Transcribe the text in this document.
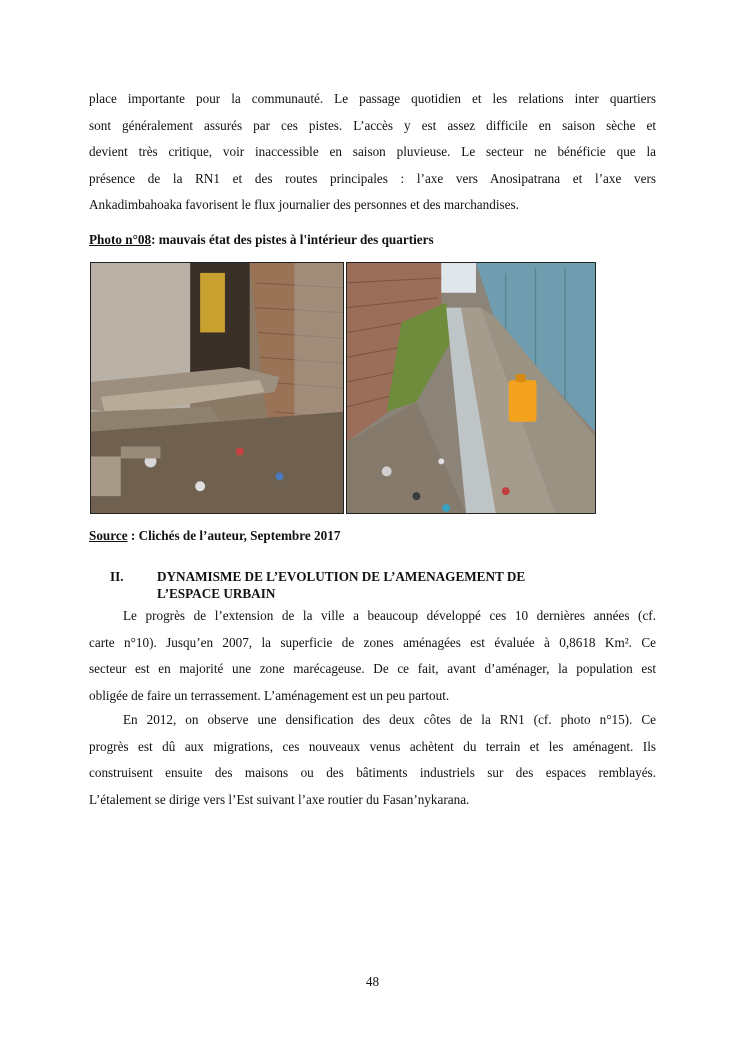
place importante pour la communauté. Le passage quotidien et les relations inter quartiers
sont généralement assurés par ces pistes. L’accès y est assez difficile en saison sèche et
devient très critique, voir inaccessible en saison pluvieuse. Le secteur ne bénéficie que la
présence de la RN1 et des routes principales : l’axe vers Anosipatrana et l’axe vers
Ankadimbahoaka favorisent le flux journalier des personnes et des marchandises.

Photo n°08: mauvais état des pistes à l'intérieur des quartiers

Source : Clichés de l’auteur, Septembre 2017

II.	DYNAMISME DE L’EVOLUTION DE L’AMENAGEMENT DE
L’ESPACE URBAIN
Le progrès de l’extension de la ville a beaucoup développé ces 10 dernières années (cf.
carte n°10). Jusqu’en 2007, la superficie de zones aménagées est évaluée à 0,8618 Km². Ce
secteur est en majorité une zone marécageuse. De ce fait, avant d’aménager, la population est
obligée de faire un terrassement. L’aménagement est un peu partout.
En 2012, on observe une densification des deux côtes de la RN1 (cf. photo n°15). Ce
progrès est dû aux migrations, ces nouveaux venus achètent du terrain et les aménagent. Ils
construisent ensuite des maisons ou des bâtiments industriels sur des espaces remblayés.
L’étalement se dirige vers l’Est suivant l’axe routier du Fasan’nykarana.
48
